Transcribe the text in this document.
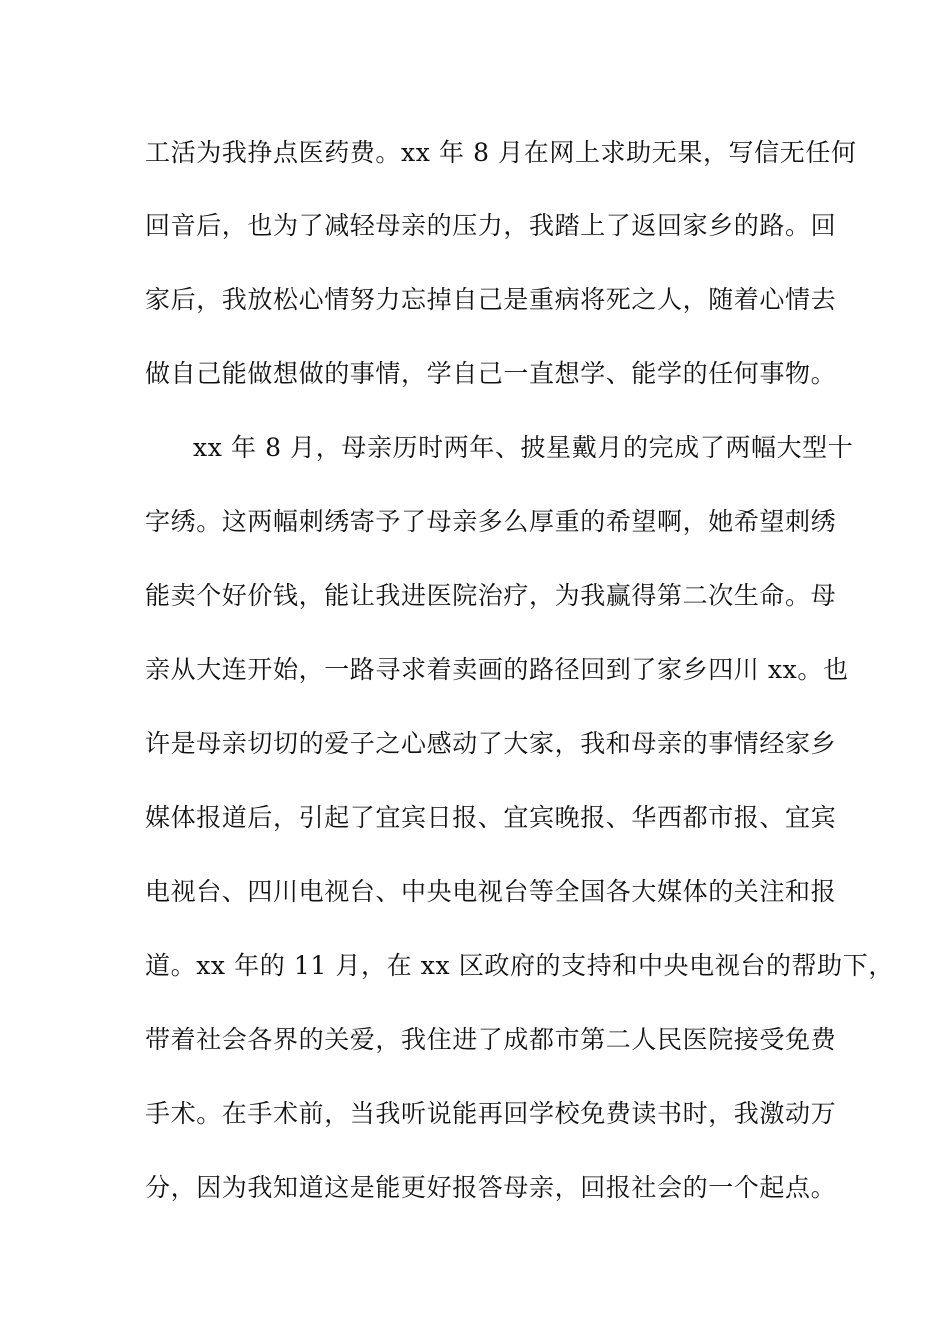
工活为我挣点医药费。xx 年 8 月在网上求助无果，写信无任何
回音后，也为了减轻母亲的压力，我踏上了返回家乡的路。回
家后，我放松心情努力忘掉自己是重病将死之人，随着心情去
做自己能做想做的事情，学自己一直想学、能学的任何事物。
xx 年 8 月，母亲历时两年、披星戴月的完成了两幅大型十
字绣。这两幅刺绣寄予了母亲多么厚重的希望啊，她希望刺绣
能卖个好价钱，能让我进医院治疗，为我赢得第二次生命。母
亲从大连开始，一路寻求着卖画的路径回到了家乡四川 xx。也
许是母亲切切的爱子之心感动了大家，我和母亲的事情经家乡
媒体报道后，引起了宜宾日报、宜宾晚报、华西都市报、宜宾
电视台、四川电视台、中央电视台等全国各大媒体的关注和报
道。xx 年的 11 月，在 xx 区政府的支持和中央电视台的帮助下，
带着社会各界的关爱，我住进了成都市第二人民医院接受免费
手术。在手术前，当我听说能再回学校免费读书时，我激动万
分，因为我知道这是能更好报答母亲，回报社会的一个起点。
